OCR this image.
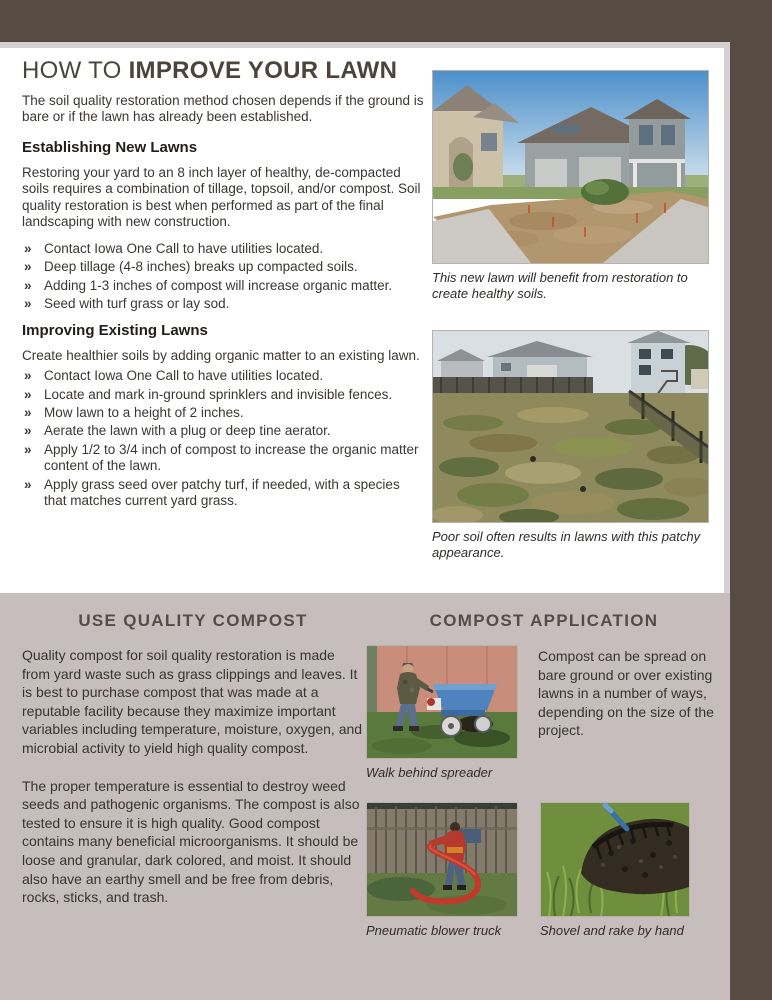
HOW TO IMPROVE YOUR LAWN

The soil quality restoration method chosen depends if the ground is bare or if the lawn has already been established.

Establishing New Lawns

Restoring your yard to an 8 inch layer of healthy, de-compacted soils requires a combination of tillage, topsoil, and/or compost. Soil quality restoration is best when performed as part of the final landscaping with new construction.

» Contact Iowa One Call to have utilities located.
» Deep tillage (4-8 inches) breaks up compacted soils.
» Adding 1-3 inches of compost will increase organic matter.
» Seed with turf grass or lay sod.
Improving Existing Lawns

Create healthier soils by adding organic matter to an existing lawn.

» Contact Iowa One Call to have utilities located.
» Locate and mark in-ground sprinklers and invisible fences.
» Mow lawn to a height of 2 inches.
» Aerate the lawn with a plug or deep tine aerator.
» Apply 1/2 to 3/4 inch of compost to increase the organic matter content of the lawn.
» Apply grass seed over patchy turf, if needed, with a species that matches current yard grass.
This new lawn will benefit from restoration to create healthy soils.
Poor soil often results in lawns with this patchy appearance.
USE QUALITY COMPOST

Quality compost for soil quality restoration is made from yard waste such as grass clippings and leaves. It is best to purchase compost that was made at a reputable facility because they maximize important variables including temperature, moisture, oxygen, and microbial activity to yield high quality compost.

The proper temperature is essential to destroy weed seeds and pathogenic organisms. The compost is also tested to ensure it is high quality. Good compost contains many beneficial microorganisms. It should be loose and granular, dark colored, and moist. It should also have an earthy smell and be free from debris, rocks, sticks, and trash.

COMPOST APPLICATION
Walk behind spreader

Compost can be spread on bare ground or over existing lawns in a number of ways, depending on the size of the project.

Pneumatic blower truck	Shovel and rake by hand
